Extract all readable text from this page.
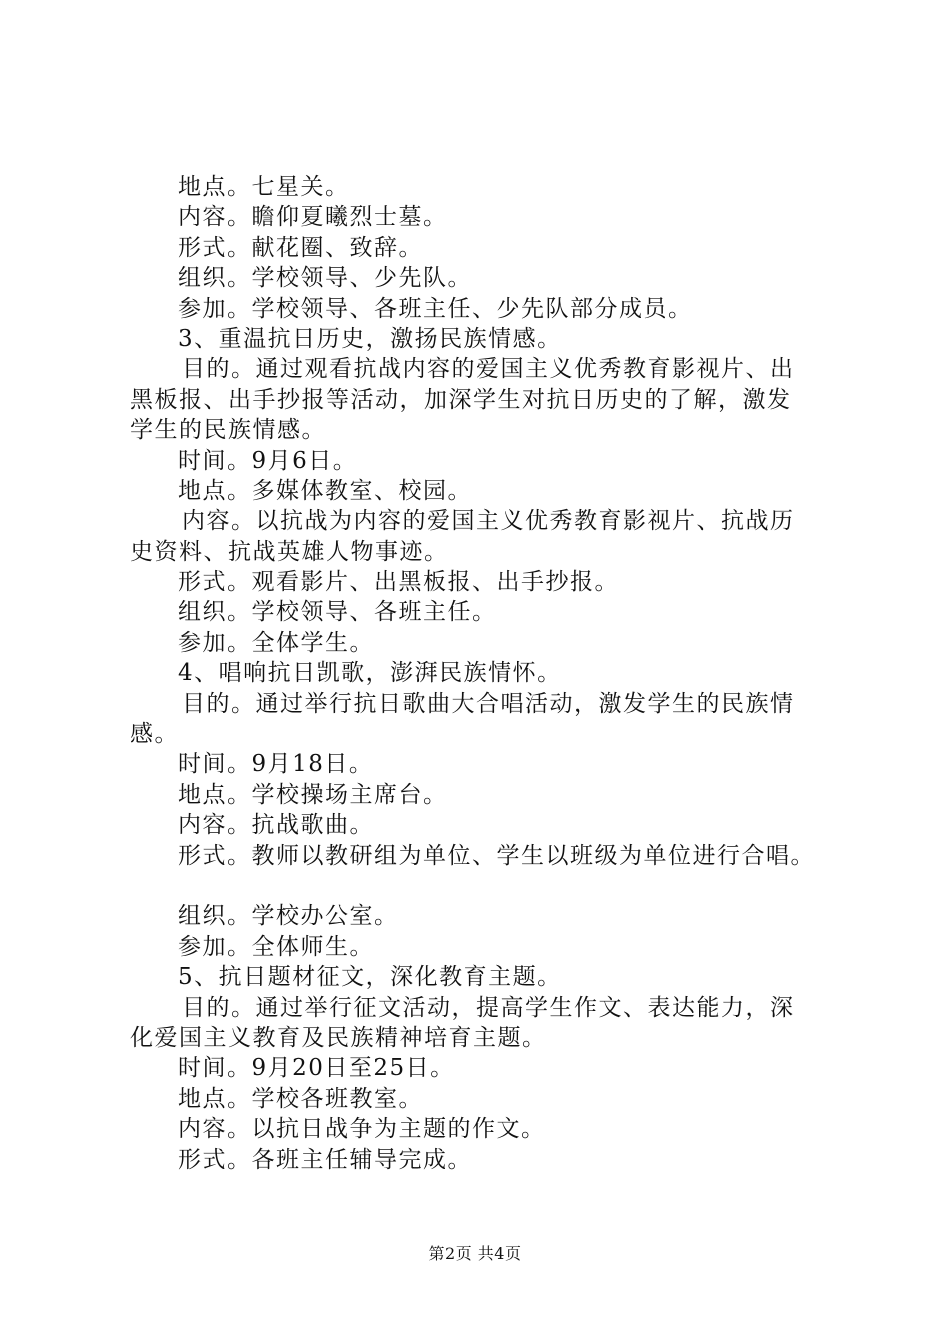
地点。七星关。
内容。瞻仰夏曦烈士墓。
形式。献花圈、致辞。
组织。学校领导、少先队。
参加。学校领导、各班主任、少先队部分成员。
3、重温抗日历史，激扬民族情感。
目的。通过观看抗战内容的爱国主义优秀教育影视片、出
黑板报、出手抄报等活动，加深学生对抗日历史的了解，激发
学生的民族情感。
时间。9月6日。
地点。多媒体教室、校园。
内容。以抗战为内容的爱国主义优秀教育影视片、抗战历
史资料、抗战英雄人物事迹。
形式。观看影片、出黑板报、出手抄报。
组织。学校领导、各班主任。
参加。全体学生。
4、唱响抗日凯歌，澎湃民族情怀。
目的。通过举行抗日歌曲大合唱活动，激发学生的民族情
感。
时间。9月18日。
地点。学校操场主席台。
内容。抗战歌曲。
形式。教师以教研组为单位、学生以班级为单位进行合唱。
组织。学校办公室。
参加。全体师生。
5、抗日题材征文，深化教育主题。
目的。通过举行征文活动，提高学生作文、表达能力，深
化爱国主义教育及民族精神培育主题。
时间。9月20日至25日。
地点。学校各班教室。
内容。以抗日战争为主题的作文。
形式。各班主任辅导完成。
第2页 共4页
